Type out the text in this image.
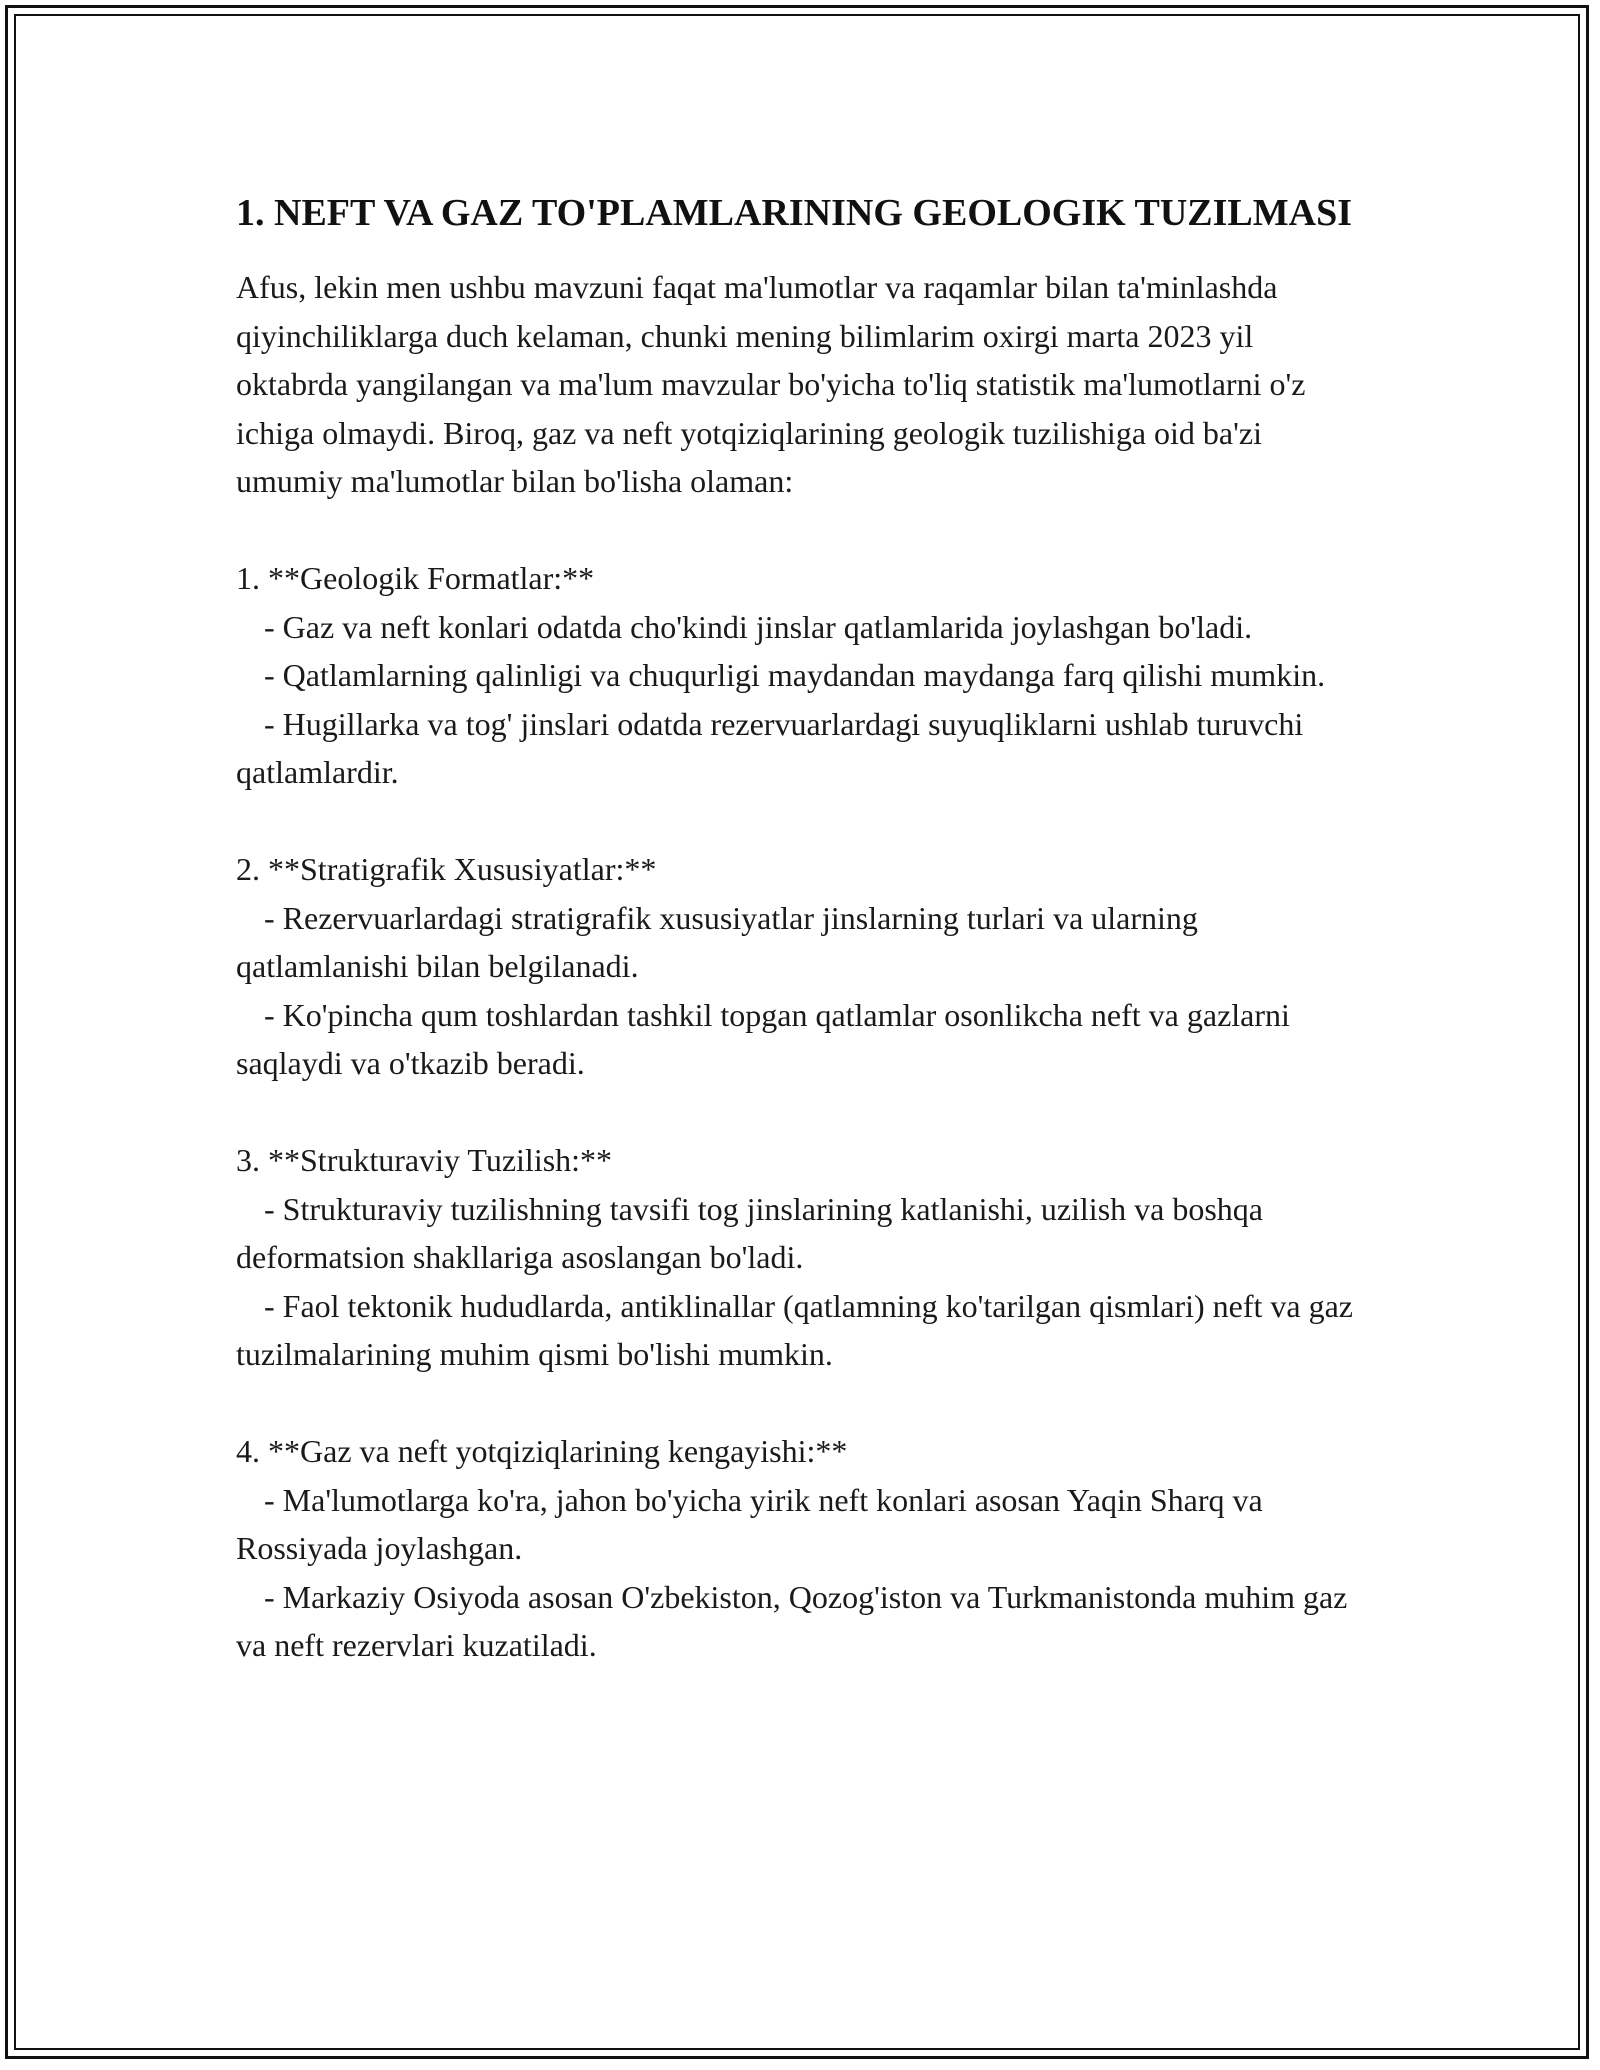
1. NEFT VA GAZ TO'PLAMLARINING GEOLOGIK TUZILMASI

Afus, lekin men ushbu mavzuni faqat ma'lumotlar va raqamlar bilan ta'minlashda qiyinchiliklarga duch kelaman, chunki mening bilimlarim oxirgi marta 2023 yil oktabrda yangilangan va ma'lum mavzular bo'yicha to'liq statistik ma'lumotlarni o'z ichiga olmaydi. Biroq, gaz va neft yotqiziqlarining geologik tuzilishiga oid ba'zi umumiy ma'lumotlar bilan bo'lisha olaman:

1. **Geologik Formatlar:**

- Gaz va neft konlari odatda cho'kindi jinslar qatlamlarida joylashgan bo'ladi.

- Qatlamlarning qalinligi va chuqurligi maydandan maydanga farq qilishi mumkin.

- Hugillarka va tog' jinslari odatda rezervuarlardagi suyuqliklarni ushlab turuvchi qatlamlardir.

2. **Stratigrafik Xususiyatlar:**

- Rezervuarlardagi stratigrafik xususiyatlar jinslarning turlari va ularning qatlamlanishi bilan belgilanadi.

- Ko'pincha qum toshlardan tashkil topgan qatlamlar osonlikcha neft va gazlarni saqlaydi va o'tkazib beradi.

3. **Strukturaviy Tuzilish:**

- Strukturaviy tuzilishning tavsifi tog jinslarining katlanishi, uzilish va boshqa deformatsion shakllariga asoslangan bo'ladi.

- Faol tektonik hududlarda, antiklinallar (qatlamning ko'tarilgan qismlari) neft va gaz tuzilmalarining muhim qismi bo'lishi mumkin.

4. **Gaz va neft yotqiziqlarining kengayishi:**

- Ma'lumotlarga ko'ra, jahon bo'yicha yirik neft konlari asosan Yaqin Sharq va Rossiyada joylashgan.

- Markaziy Osiyoda asosan O'zbekiston, Qozog'iston va Turkmanistonda muhim gaz va neft rezervlari kuzatiladi.
